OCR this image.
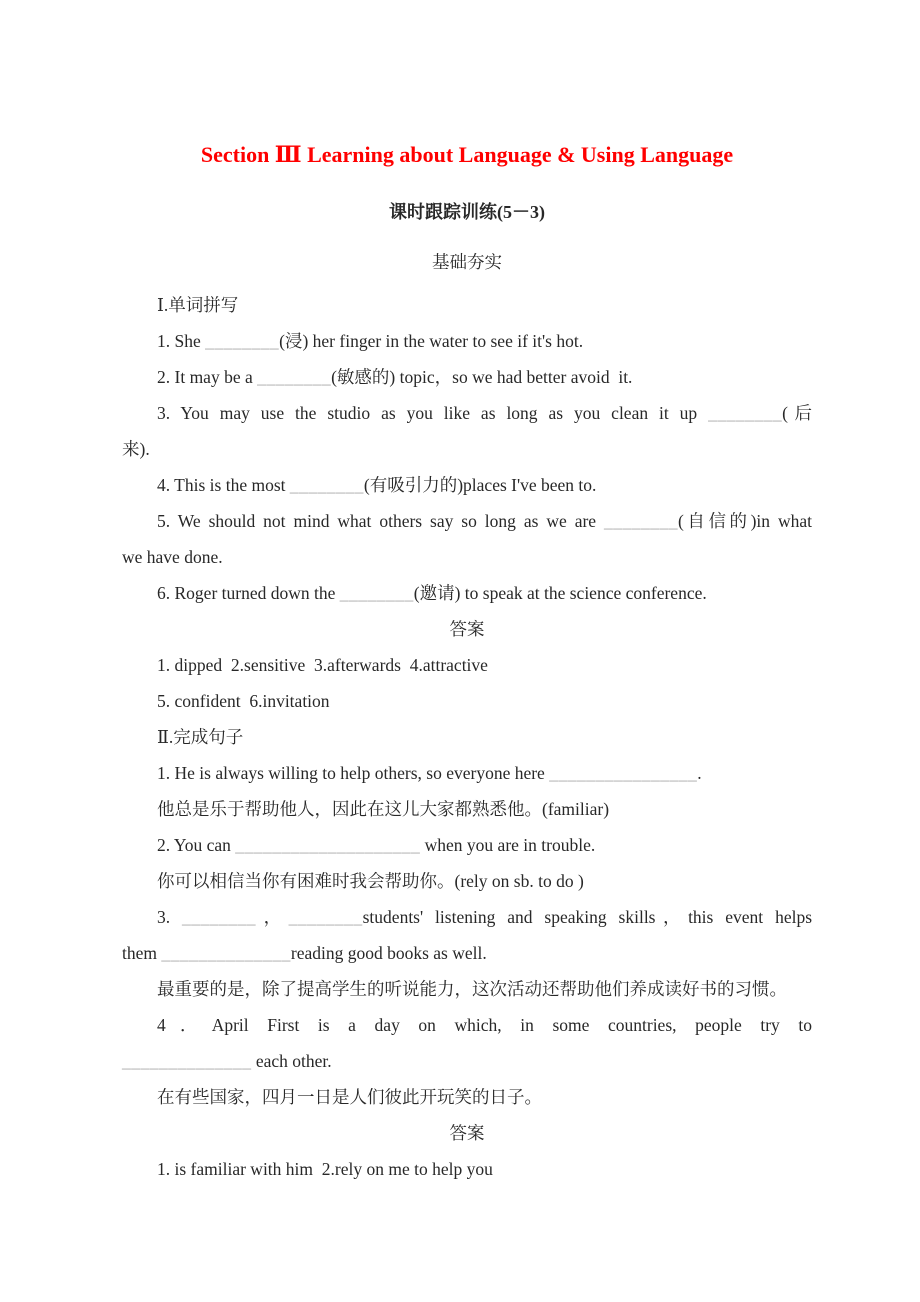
Section Ⅲ Learning about Language & Using Language
课时跟踪训练(5－3)
基础夯实
Ⅰ.单词拼写
1. She ________(浸) her finger in the water to see if it's hot.
2. It may be a ________(敏感的) topic，so we had better avoid  it.
3. You may use the studio as you like as long as you clean it up ________(后
来).
4. This is the most ________(有吸引力的)places I've been to.
5. We should not mind what others say so long as we are ________(自信的)in what
we have done.
6. Roger turned down the ________(邀请) to speak at the science conference.
答案
1. dipped  2.sensitive  3.afterwards  4.attractive
5. confident  6.invitation
Ⅱ.完成句子
1. He is always willing to help others, so everyone here ________________.
他总是乐于帮助他人，因此在这儿大家都熟悉他。(familiar)
2. You can ____________________ when you are in trouble.
你可以相信当你有困难时我会帮助你。(rely on sb. to do )
3. ________，________students' listening and speaking skills，this event helps
them ______________reading good books as well.
最重要的是，除了提高学生的听说能力，这次活动还帮助他们养成读好书的习惯。
4．April First is a day on which, in some countries, people try to
______________ each other.
在有些国家，四月一日是人们彼此开玩笑的日子。
答案
1. is familiar with him  2.rely on me to help you
